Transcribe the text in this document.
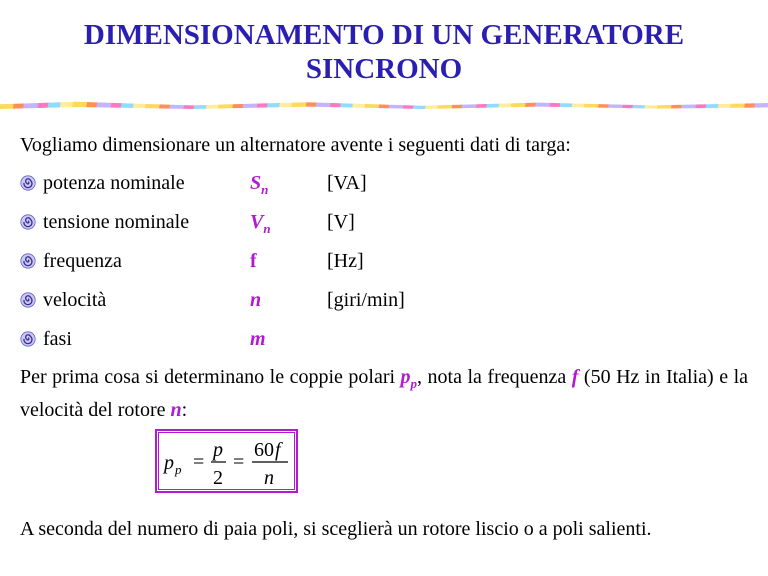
DIMENSIONAMENTO DI UN GENERATORE
SINCRONO
Vogliamo dimensionare un alternatore avente i seguenti dati di targa:
potenza nominale	$S_n$	[VA]
tensione nominale	$V_n$	[V]
frequenza	f	[Hz]
velocità	n	[giri/min]
fasi	m
Per prima cosa si determinano le coppie polari $p_p$, nota la frequenza f (50 Hz in Italia) e la velocità del rotore n:
p p =
p
2
=
60 f
n
A seconda del numero di paia poli, si sceglierà un rotore liscio o a poli salienti.
